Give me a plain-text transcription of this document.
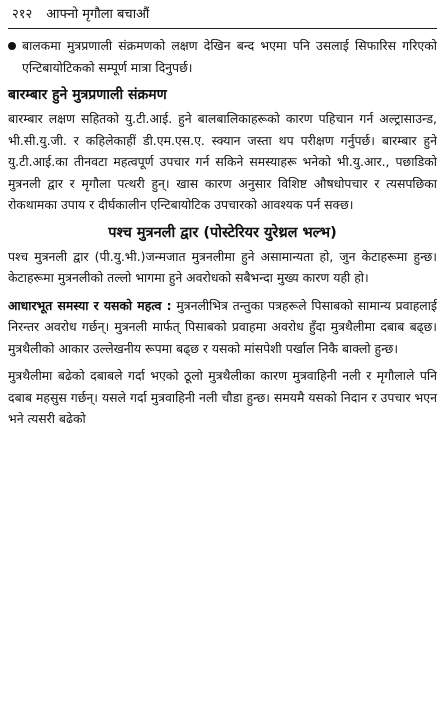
२१२ आफ्नो मृगौला बचाऔं
बालकमा मुत्रप्रणाली संक्रमणको लक्षण देखिन बन्द भएमा पनि उसलाई सिफारिस गरिएको एन्टिबायोटिकको सम्पूर्ण मात्रा दिनुपर्छ।
बारम्बार हुने मुत्रप्रणाली संक्रमण

बारम्बार लक्षण सहितको यु.टी.आई. हुने बालबालिकाहरूको कारण पहिचान गर्न अल्ट्रासाउन्ड, भी.सी.यु.जी. र कहिलेकाहीं डी.एम.एस.ए. स्क्यान जस्ता थप परीक्षण गर्नुपर्छ। बारम्बार हुने यु.टी.आई.का तीनवटा महत्वपूर्ण उपचार गर्न सकिने समस्याहरू भनेको भी.यु.आर., पछाडिको मुत्रनली द्वार र मृगौला पत्थरी हुन्। खास कारण अनुसार विशिष्ट औषधोपचार र त्यसपछिका रोकथामका उपाय र दीर्घकालीन एन्टिबायोटिक उपचारको आवश्यक पर्न सक्छ।

पश्च मुत्रनली द्वार (पोस्टेरियर युरेथ्रल भल्भ)

पश्च मुत्रनली द्वार (पी.यु.भी.)जन्मजात मुत्रनलीमा हुने असामान्यता हो, जुन केटाहरूमा हुन्छ। केटाहरूमा मुत्रनलीको तल्लो भागमा हुने अवरोधको सबैभन्दा मुख्य कारण यही हो।

आधारभूत समस्या र यसको महत्व : मुत्रनलीभित्र तन्तुका पत्रहरूले पिसाबको सामान्य प्रवाहलाई निरन्तर अवरोध गर्छन्। मुत्रनली मार्फत् पिसाबको प्रवाहमा अवरोध हुँदा मुत्रथैलीमा दबाब बढ्छ। मुत्रथैलीको आकार उल्लेखनीय रूपमा बढ्छ र यसको मांसपेशी पर्खाल निकै बाक्लो हुन्छ।

मुत्रथैलीमा बढेको दबाबले गर्दा भएको ठूलो मुत्रथैलीका कारण मुत्रवाहिनी नली र मृगौलाले पनि दबाब महसुस गर्छन्। यसले गर्दा मुत्रवाहिनी नली चौडा हुन्छ। समयमै यसको निदान र उपचार भएन भने त्यसरी बढेको
